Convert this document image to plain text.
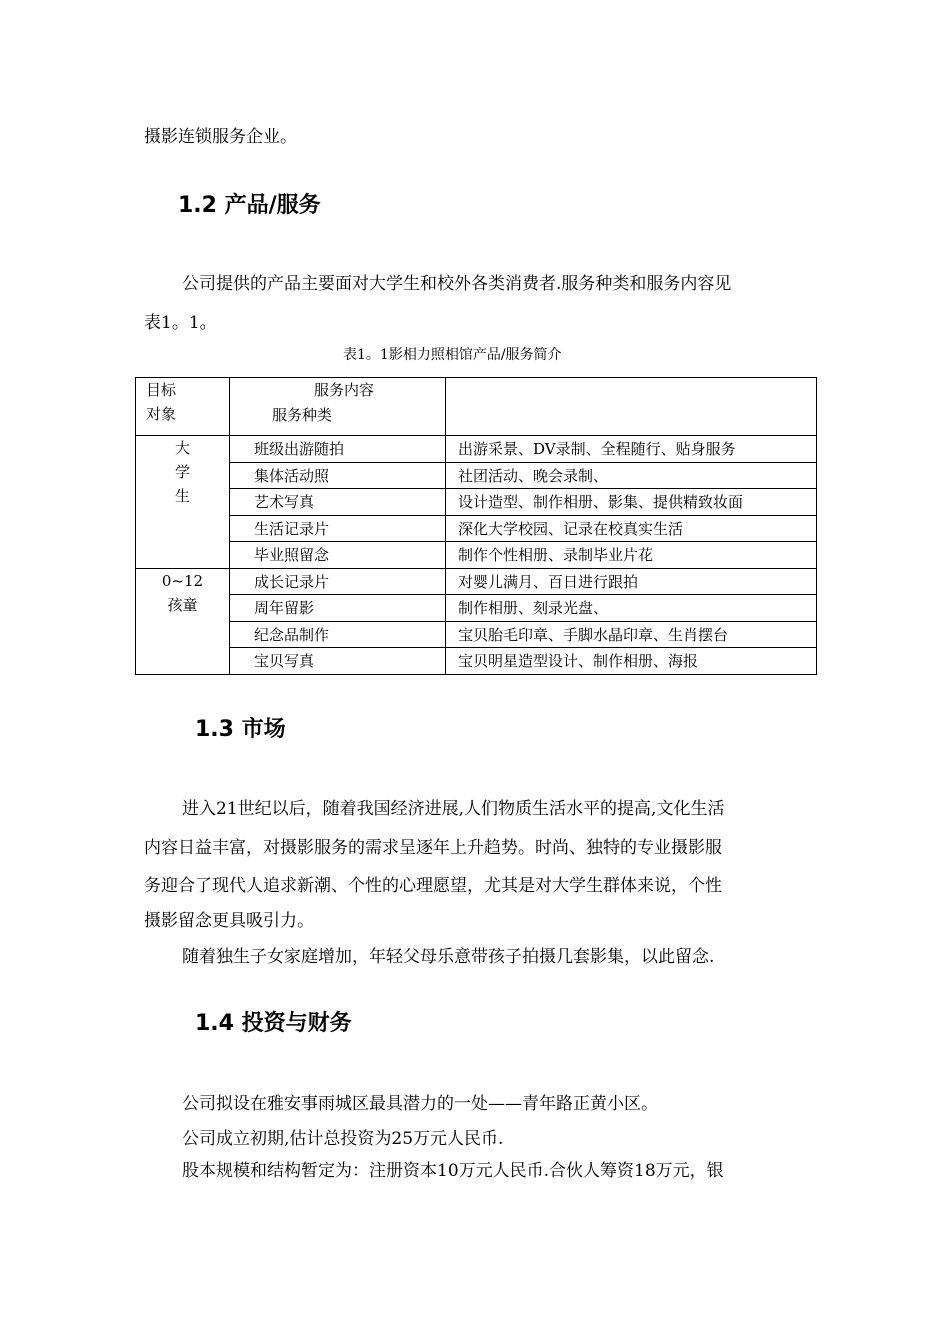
摄影连锁服务企业。
1.2 产品/服务
公司提供的产品主要面对大学生和校外各类消费者.服务种类和服务内容见
表1。1。
表1。1影相力照相馆产品/服务简介
目标
对象	服务内容
服务种类	

大
学
生	班级出游随拍	出游采景、DV录制、全程随行、贴身服务
	集体活动照	社团活动、晚会录制、
	艺术写真	设计造型、制作相册、影集、提供精致妆面
	生活记录片	深化大学校园、记录在校真实生活
	毕业照留念	制作个性相册、录制毕业片花

0~12
孩童	成长记录片	对婴儿满月、百日进行跟拍
	周年留影	制作相册、刻录光盘、
	纪念品制作	宝贝胎毛印章、手脚水晶印章、生肖摆台
	宝贝写真	宝贝明星造型设计、制作相册、海报
1.3 市场
进入21世纪以后，随着我国经济进展,人们物质生活水平的提高,文化生活
内容日益丰富，对摄影服务的需求呈逐年上升趋势。时尚、独特的专业摄影服
务迎合了现代人追求新潮、个性的心理愿望，尤其是对大学生群体来说，个性
摄影留念更具吸引力。
随着独生子女家庭增加，年轻父母乐意带孩子拍摄几套影集，以此留念.
1.4 投资与财务
公司拟设在雅安事雨城区最具潜力的一处——青年路正黄小区。
公司成立初期,估计总投资为25万元人民币.
股本规模和结构暂定为：注册资本10万元人民币.合伙人筹资18万元，银
